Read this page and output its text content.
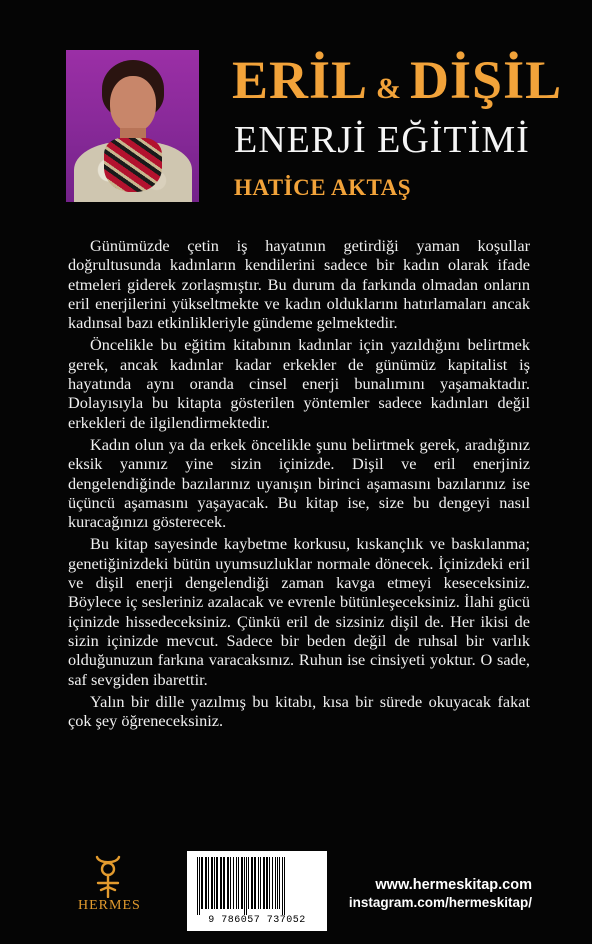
ERİL & DİŞİL
ENERJİ EĞİTİMİ
HATİCE AKTAŞ

Günümüzde çetin iş hayatının getirdiği yaman koşullar doğrultusunda kadınların kendilerini sadece bir kadın olarak ifade etmeleri giderek zorlaşmıştır. Bu durum da farkında olmadan onların eril enerjilerini yükseltmekte ve kadın olduklarını hatırlamaları ancak kadınsal bazı etkinlikleriyle gündeme gelmektedir.

Öncelikle bu eğitim kitabının kadınlar için yazıldığını belirtmek gerek, ancak kadınlar kadar erkekler de günümüz kapitalist iş hayatında aynı oranda cinsel enerji bunalımını yaşamaktadır. Dolayısıyla bu kitapta gösterilen yöntemler sadece kadınları değil erkekleri de ilgilendirmektedir.

Kadın olun ya da erkek öncelikle şunu belirtmek gerek, aradığınız eksik yanınız yine sizin içinizde. Dişil ve eril enerjiniz dengelendiğinde bazılarınız uyanışın birinci aşamasını bazılarınız ise üçüncü aşamasını yaşayacak. Bu kitap ise, size bu dengeyi nasıl kuracağınızı gösterecek.

Bu kitap sayesinde kaybetme korkusu, kıskançlık ve baskılanma; genetiğinizdeki bütün uyumsuzluklar normale dönecek. İçinizdeki eril ve dişil enerji dengelendiği zaman kavga etmeyi keseceksiniz. Böylece iç sesleriniz azalacak ve evrenle bütünleşeceksiniz. İlahi gücü içinizde hissedeceksiniz. Çünkü eril de sizsiniz dişil de. Her ikisi de sizin içinizde mevcut. Sadece bir beden değil de ruhsal bir varlık olduğunuzun farkına varacaksınız. Ruhun ise cinsiyeti yoktur. O sade, saf sevgiden ibarettir.

Yalın bir dille yazılmış bu kitabı, kısa bir sürede okuyacak fakat çok şey öğreneceksiniz.

HERMES
9 786057 737052
www.hermeskitap.com
instagram.com/hermeskitap/
